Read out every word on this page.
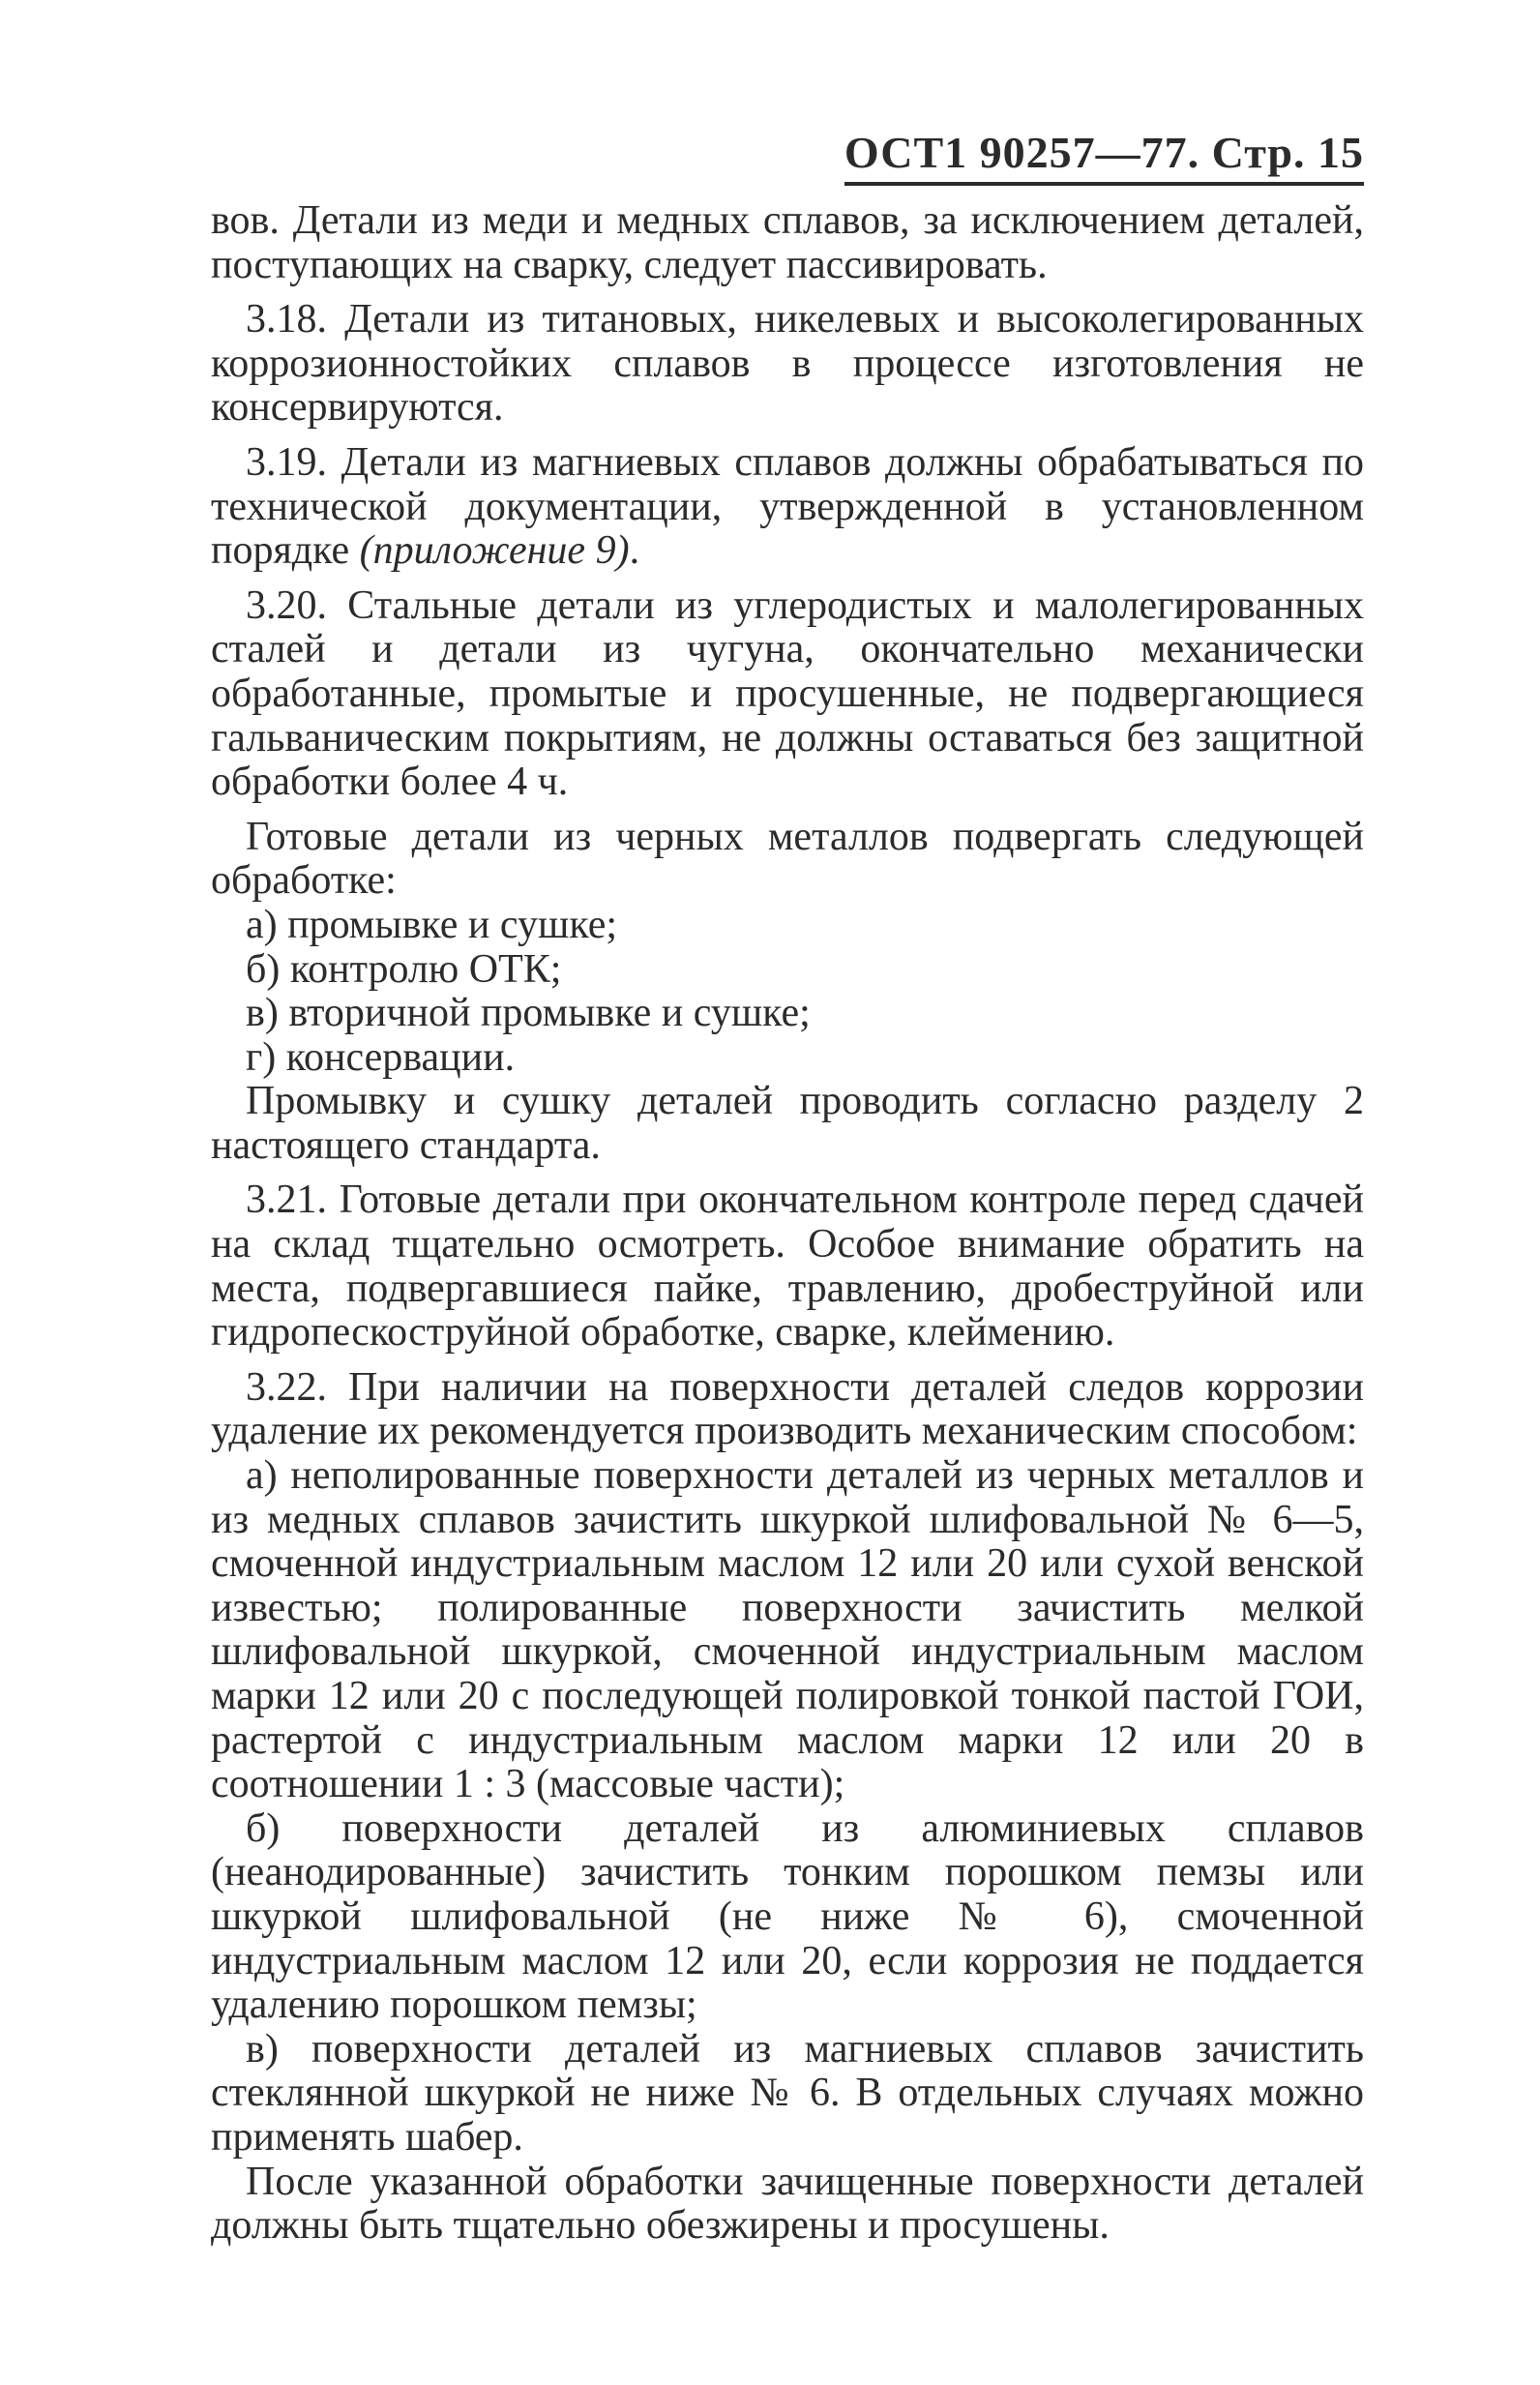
ОСТ1 90257—77. Стр. 15

вов. Детали из меди и медных сплавов, за исключением деталей, поступающих на сварку, следует пассивировать.

3.18. Детали из титановых, никелевых и высоколегированных коррозионностойких сплавов в процессе изготовления не консервируются.

3.19. Детали из магниевых сплавов должны обрабатываться по технической документации, утвержденной в установленном порядке (приложение 9).

3.20. Стальные детали из углеродистых и малолегированных сталей и детали из чугуна, окончательно механически обработанные, промытые и просушенные, не подвергающиеся гальваническим покрытиям, не должны оставаться без защитной обработки более 4 ч.

Готовые детали из черных металлов подвергать следующей обработке:

а) промывке и сушке;

б) контролю ОТК;

в) вторичной промывке и сушке;

г) консервации.

Промывку и сушку деталей проводить согласно разделу 2 настоящего стандарта.

3.21. Готовые детали при окончательном контроле перед сдачей на склад тщательно осмотреть. Особое внимание обратить на места, подвергавшиеся пайке, травлению, дробеструйной или гидропескоструйной обработке, сварке, клеймению.

3.22. При наличии на поверхности деталей следов коррозии удаление их рекомендуется производить механическим способом:

а) неполированные поверхности деталей из черных металлов и из медных сплавов зачистить шкуркой шлифовальной № 6—5, смоченной индустриальным маслом 12 или 20 или сухой венской известью; полированные поверхности зачистить мелкой шлифовальной шкуркой, смоченной индустриальным маслом марки 12 или 20 с последующей полировкой тонкой пастой ГОИ, растертой с индустриальным маслом марки 12 или 20 в соотношении 1 : 3 (массовые части);

б) поверхности деталей из алюминиевых сплавов (неанодированные) зачистить тонким порошком пемзы или шкуркой шлифовальной (не ниже № 6), смоченной индустриальным маслом 12 или 20, если коррозия не поддается удалению порошком пемзы;

в) поверхности деталей из магниевых сплавов зачистить стеклянной шкуркой не ниже № 6. В отдельных случаях можно применять шабер.

После указанной обработки зачищенные поверхности деталей должны быть тщательно обезжирены и просушены.
